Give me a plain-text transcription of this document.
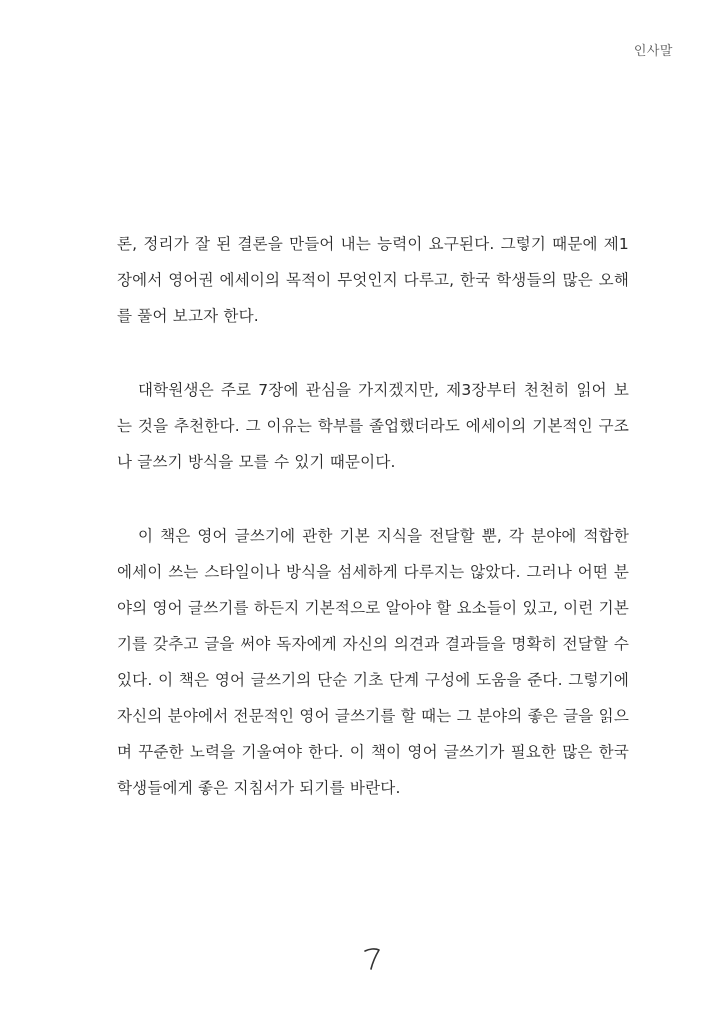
인사말

론, 정리가 잘 된 결론을 만들어 내는 능력이 요구된다. 그렇기 때문에 제1장에서 영어권 에세이의 목적이 무엇인지 다루고, 한국 학생들의 많은 오해를 풀어 보고자 한다.

대학원생은 주로 7장에 관심을 가지겠지만, 제3장부터 천천히 읽어 보는 것을 추천한다. 그 이유는 학부를 졸업했더라도 에세이의 기본적인 구조나 글쓰기 방식을 모를 수 있기 때문이다.

이 책은 영어 글쓰기에 관한 기본 지식을 전달할 뿐, 각 분야에 적합한 에세이 쓰는 스타일이나 방식을 섬세하게 다루지는 않았다. 그러나 어떤 분야의 영어 글쓰기를 하든지 기본적으로 알아야 할 요소들이 있고, 이런 기본기를 갖추고 글을 써야 독자에게 자신의 의견과 결과들을 명확히 전달할 수 있다. 이 책은 영어 글쓰기의 단순 기초 단계 구성에 도움을 준다. 그렇기에 자신의 분야에서 전문적인 영어 글쓰기를 할 때는 그 분야의 좋은 글을 읽으며 꾸준한 노력을 기울여야 한다. 이 책이 영어 글쓰기가 필요한 많은 한국 학생들에게 좋은 지침서가 되기를 바란다.
